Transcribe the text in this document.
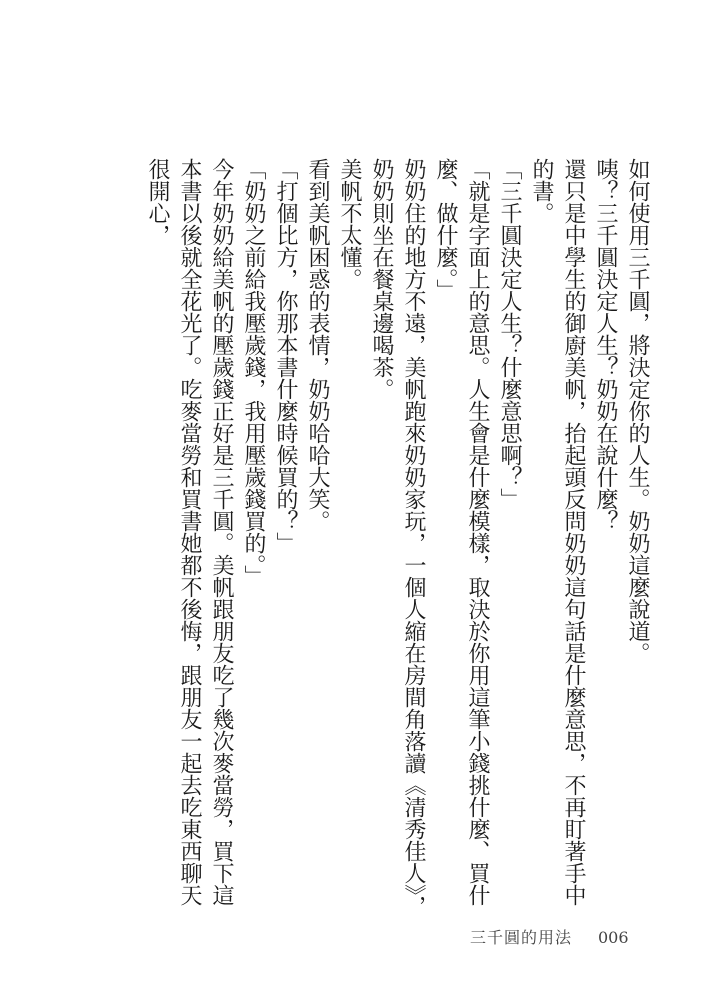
如何使用三千圓，將決定你的人生。奶奶這麼說道。

咦？三千圓決定人生？奶奶在說什麼？

還只是中學生的御廚美帆，抬起頭反問奶奶這句話是什麼意思，不再盯著手中的書。

「三千圓決定人生？什麼意思啊？」

「就是字面上的意思。人生會是什麼模樣，取決於你用這筆小錢挑什麼、買什麼、做什麼。」

奶奶住的地方不遠，美帆跑來奶奶家玩，一個人縮在房間角落讀《清秀佳人》，奶奶則坐在餐桌邊喝茶。

美帆不太懂。

看到美帆困惑的表情，奶奶哈哈大笑。

「打個比方，你那本書什麼時候買的？」

「奶奶之前給我壓歲錢，我用壓歲錢買的。」

今年奶奶給美帆的壓歲錢正好是三千圓。美帆跟朋友吃了幾次麥當勞，買下這本書以後就全花光了。吃麥當勞和買書她都不後悔，跟朋友一起去吃東西聊天很開心，

三千圓的用法 006
